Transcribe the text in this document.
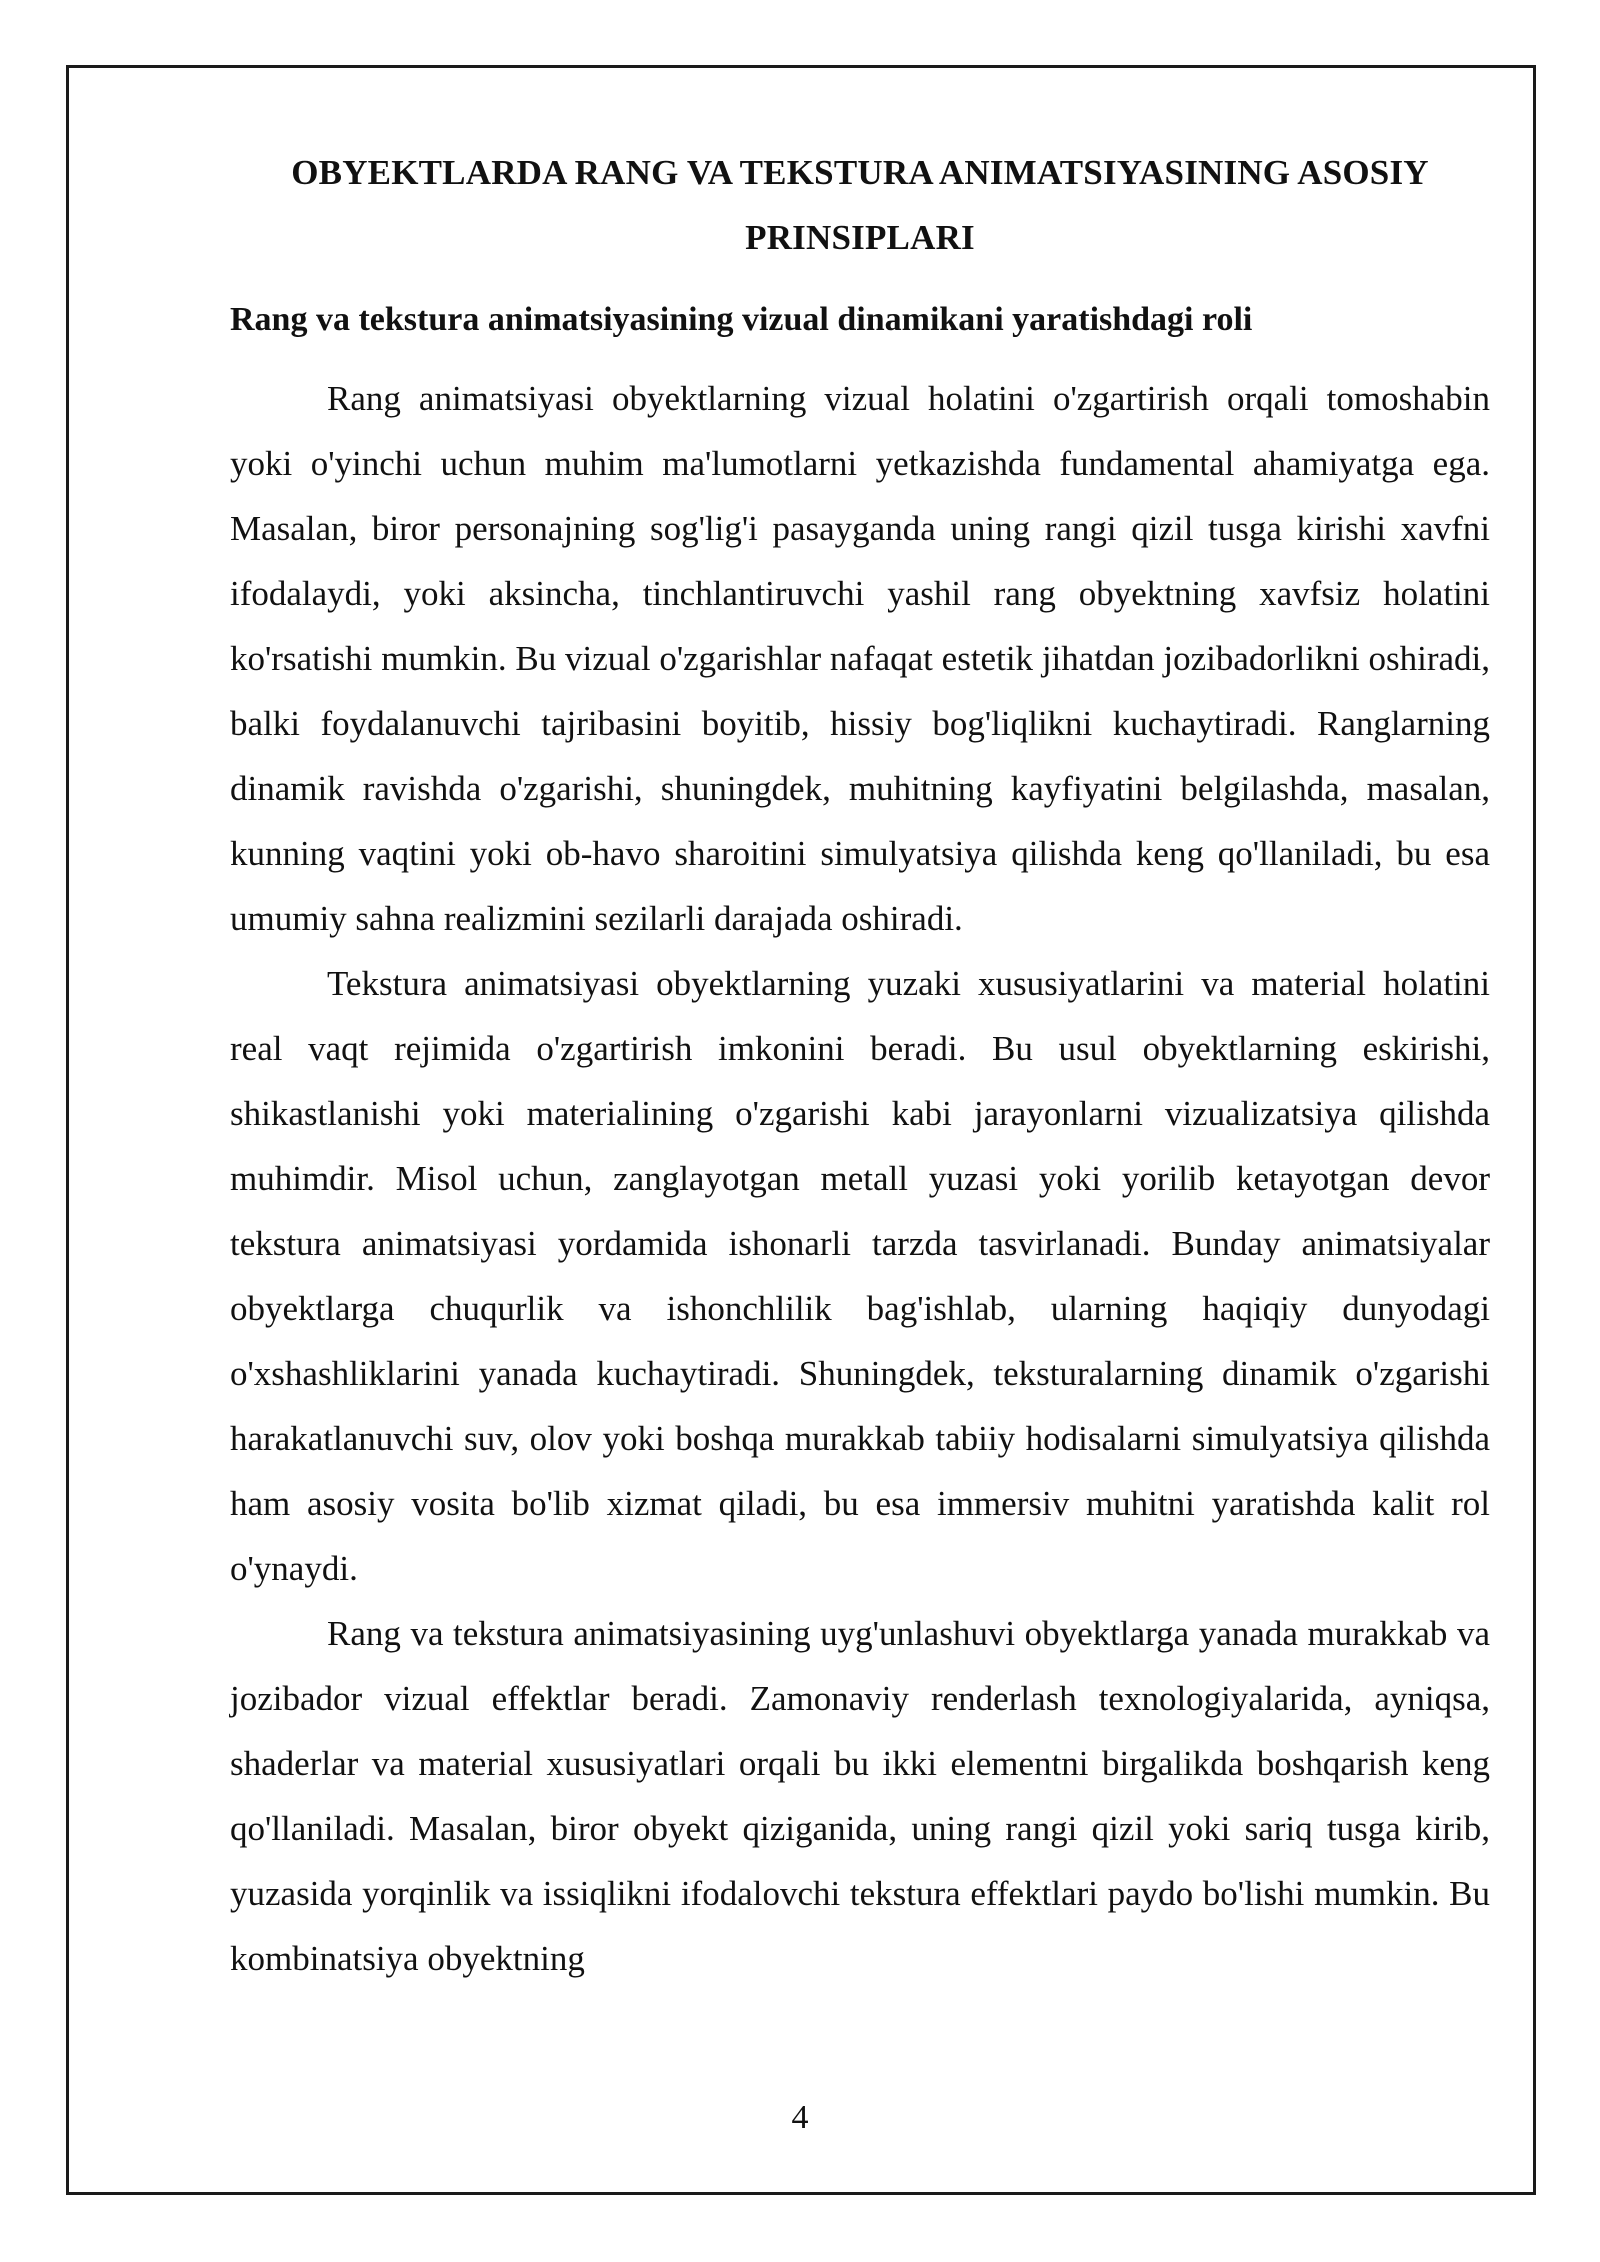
OBYEKTLARDA RANG VA TEKSTURA ANIMATSIYASINING ASOSIY PRINSIPLARI
Rang va tekstura animatsiyasining vizual dinamikani yaratishdagi roli

Rang animatsiyasi obyektlarning vizual holatini o'zgartirish orqali tomoshabin yoki o'yinchi uchun muhim ma'lumotlarni yetkazishda fundamental ahamiyatga ega. Masalan, biror personajning sog'lig'i pasayganda uning rangi qizil tusga kirishi xavfni ifodalaydi, yoki aksincha, tinchlantiruvchi yashil rang obyektning xavfsiz holatini ko'rsatishi mumkin. Bu vizual o'zgarishlar nafaqat estetik jihatdan jozibadorlikni oshiradi, balki foydalanuvchi tajribasini boyitib, hissiy bog'liqlikni kuchaytiradi. Ranglarning dinamik ravishda o'zgarishi, shuningdek, muhitning kayfiyatini belgilashda, masalan, kunning vaqtini yoki ob-havo sharoitini simulyatsiya qilishda keng qo'llaniladi, bu esa umumiy sahna realizmini sezilarli darajada oshiradi.

Tekstura animatsiyasi obyektlarning yuzaki xususiyatlarini va material holatini real vaqt rejimida o'zgartirish imkonini beradi. Bu usul obyektlarning eskirishi, shikastlanishi yoki materialining o'zgarishi kabi jarayonlarni vizualizatsiya qilishda muhimdir. Misol uchun, zanglayotgan metall yuzasi yoki yorilib ketayotgan devor tekstura animatsiyasi yordamida ishonarli tarzda tasvirlanadi. Bunday animatsiyalar obyektlarga chuqurlik va ishonchlilik bag'ishlab, ularning haqiqiy dunyodagi o'xshashliklarini yanada kuchaytiradi. Shuningdek, teksturalarning dinamik o'zgarishi harakatlanuvchi suv, olov yoki boshqa murakkab tabiiy hodisalarni simulyatsiya qilishda ham asosiy vosita bo'lib xizmat qiladi, bu esa immersiv muhitni yaratishda kalit rol o'ynaydi.

Rang va tekstura animatsiyasining uyg'unlashuvi obyektlarga yanada murakkab va jozibador vizual effektlar beradi. Zamonaviy renderlash texnologiyalarida, ayniqsa, shaderlar va material xususiyatlari orqali bu ikki elementni birgalikda boshqarish keng qo'llaniladi. Masalan, biror obyekt qiziganida, uning rangi qizil yoki sariq tusga kirib, yuzasida yorqinlik va issiqlikni ifodalovchi tekstura effektlari paydo bo'lishi mumkin. Bu kombinatsiya obyektning

4
